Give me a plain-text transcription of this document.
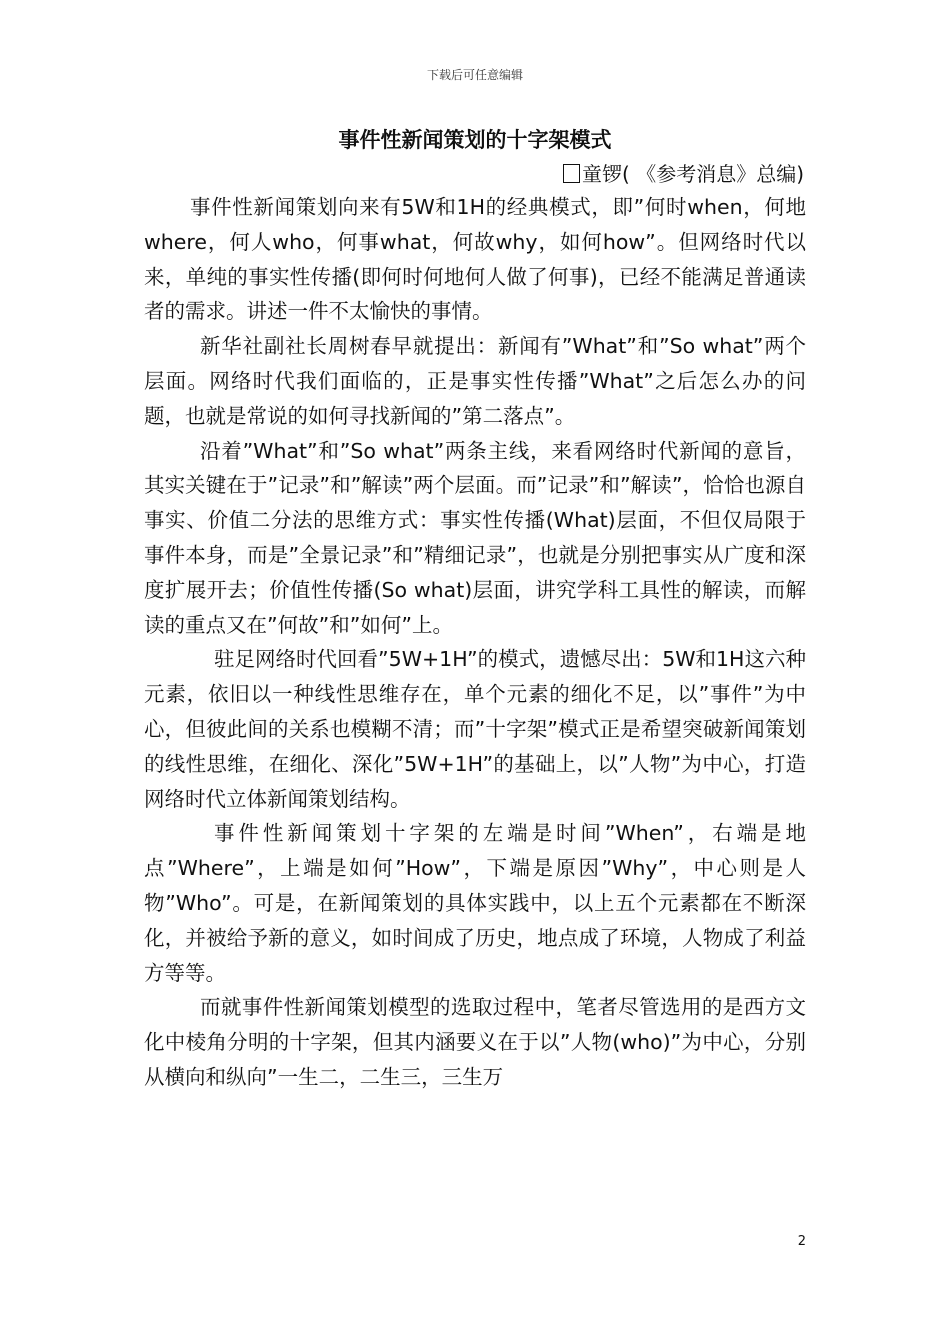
下载后可任意编辑
事件性新闻策划的十字架模式
童锣( 《参考消息》总编)

事件性新闻策划向来有5W和1H的经典模式，即”何时when，何地where，何人who，何事what，何故why，如何how”。但网络时代以来，单纯的事实性传播(即何时何地何人做了何事)，已经不能满足普通读者的需求。讲述一件不太愉快的事情。

新华社副社长周树春早就提出：新闻有”What”和”So what”两个层面。网络时代我们面临的，正是事实性传播”What”之后怎么办的问题，也就是常说的如何寻找新闻的”第二落点”。

沿着”What”和”So what”两条主线，来看网络时代新闻的意旨，其实关键在于”记录”和”解读”两个层面。而”记录”和”解读”，恰恰也源自事实、价值二分法的思维方式：事实性传播(What)层面，不但仅局限于事件本身，而是”全景记录”和”精细记录”，也就是分别把事实从广度和深度扩展开去；价值性传播(So what)层面，讲究学科工具性的解读，而解读的重点又在”何故”和”如何”上。

驻足网络时代回看”5W+1H”的模式，遗憾尽出：5W和1H这六种元素，依旧以一种线性思维存在，单个元素的细化不足，以”事件”为中心，但彼此间的关系也模糊不清；而”十字架”模式正是希望突破新闻策划的线性思维，在细化、深化”5W+1H”的基础上，以”人物”为中心，打造网络时代立体新闻策划结构。

事件性新闻策划十字架的左端是时间”When”，右端是地点”Where”，上端是如何”How”，下端是原因”Why”，中心则是人物”Who”。可是，在新闻策划的具体实践中，以上五个元素都在不断深化，并被给予新的意义，如时间成了历史，地点成了环境，人物成了利益方等等。

而就事件性新闻策划模型的选取过程中，笔者尽管选用的是西方文化中棱角分明的十字架，但其内涵要义在于以”人物(who)”为中心，分别从横向和纵向”一生二，二生三，三生万

2
